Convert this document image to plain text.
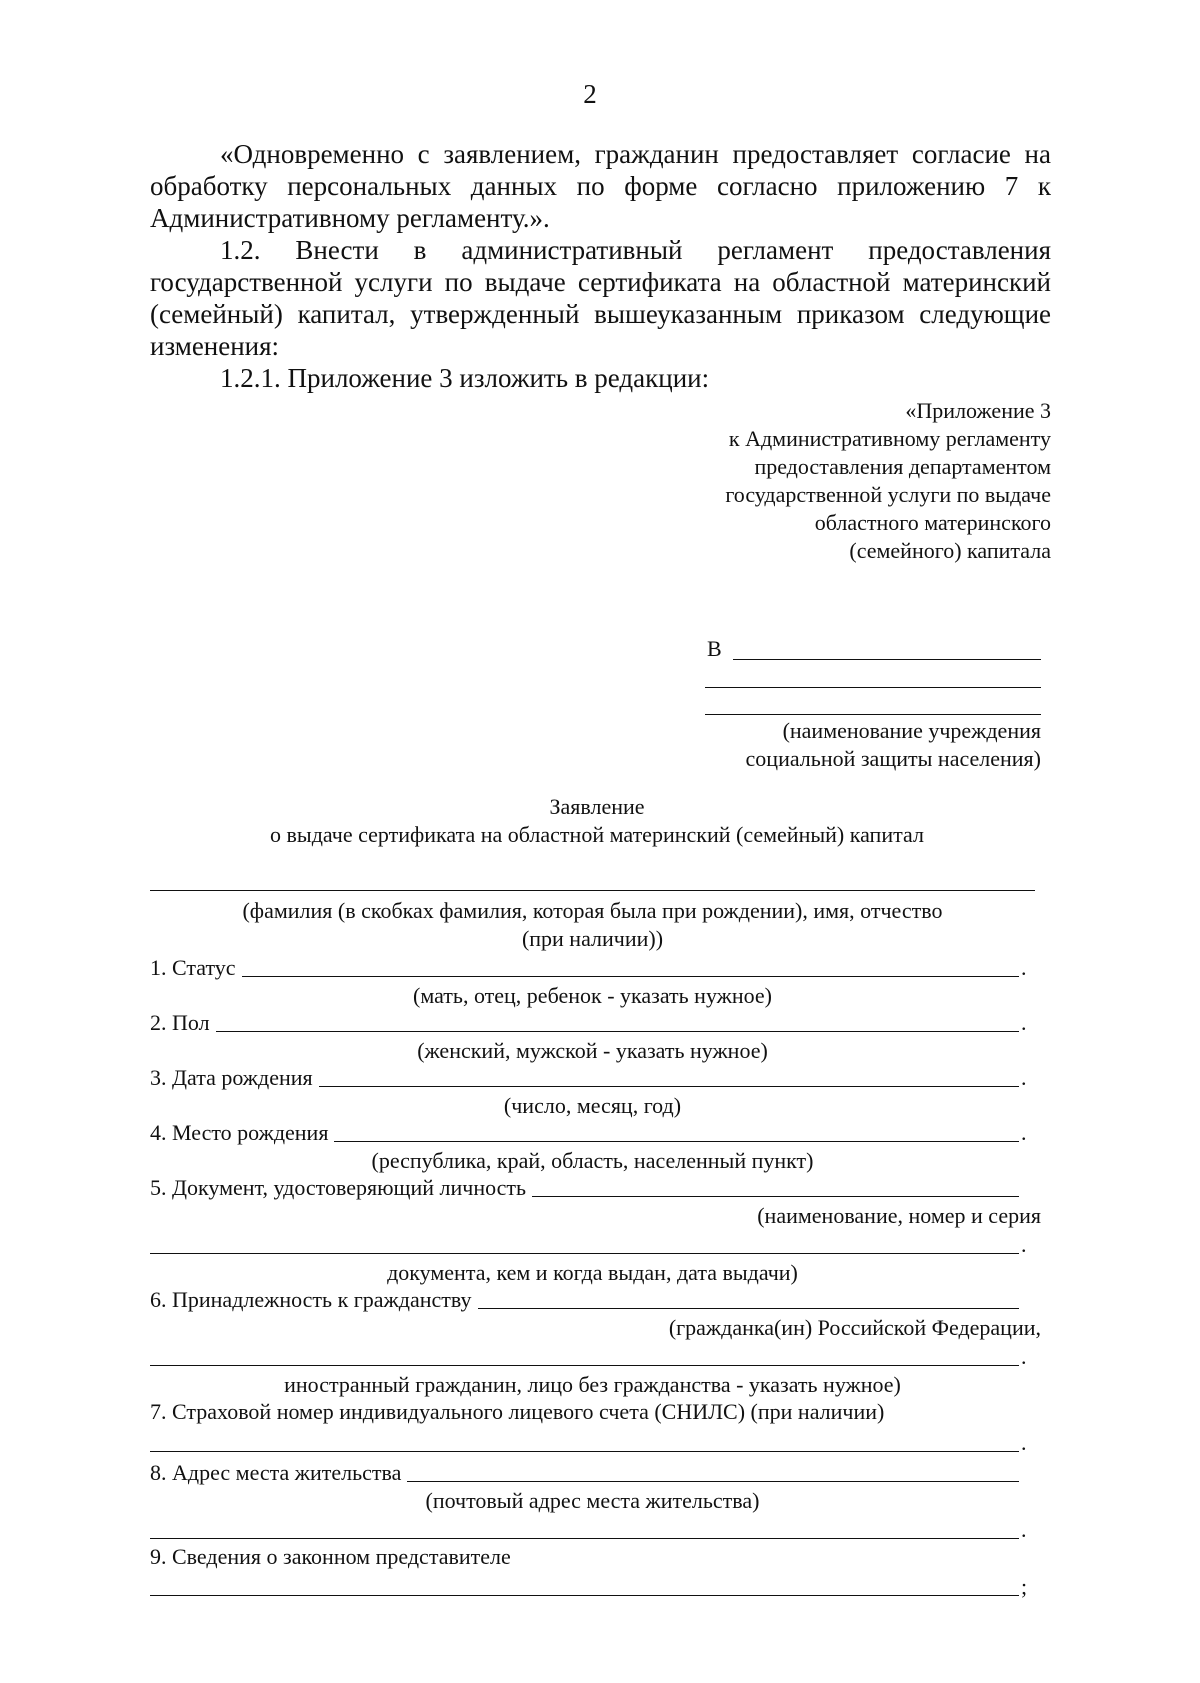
2
«Одновременно с заявлением, гражданин предоставляет согласие на
обработку персональных данных по форме согласно приложению 7 к
Административному регламенту.».
1.2. Внести в административный регламент предоставления
государственной услуги по выдаче сертификата на областной материнский
(семейный) капитал, утвержденный вышеуказанным приказом следующие
изменения:
1.2.1. Приложение 3 изложить в редакции:
«Приложение 3
к Административному регламенту
предоставления департаментом
государственной услуги по выдаче
областного материнского
(семейного) капитала
В
(наименование учреждения
социальной защиты населения)
Заявление
о выдаче сертификата на областной материнский (семейный) капитал
(фамилия (в скобках фамилия, которая была при рождении), имя, отчество
(при наличии))
1. Статус	.
(мать, отец, ребенок - указать нужное)
2. Пол	.
(женский, мужской - указать нужное)
3. Дата рождения	.
(число, месяц, год)
4. Место рождения	.
(республика, край, область, населенный пункт)
5. Документ, удостоверяющий личность
(наименование, номер и серия
.
документа, кем и когда выдан, дата выдачи)
6. Принадлежность к гражданству
(гражданка(ин) Российской Федерации,
.
иностранный гражданин, лицо без гражданства - указать нужное)
7. Страховой номер индивидуального лицевого счета (СНИЛС) (при наличии)
.
8. Адрес места жительства
(почтовый адрес места жительства)
.
9. Сведения о законном представителе
;
